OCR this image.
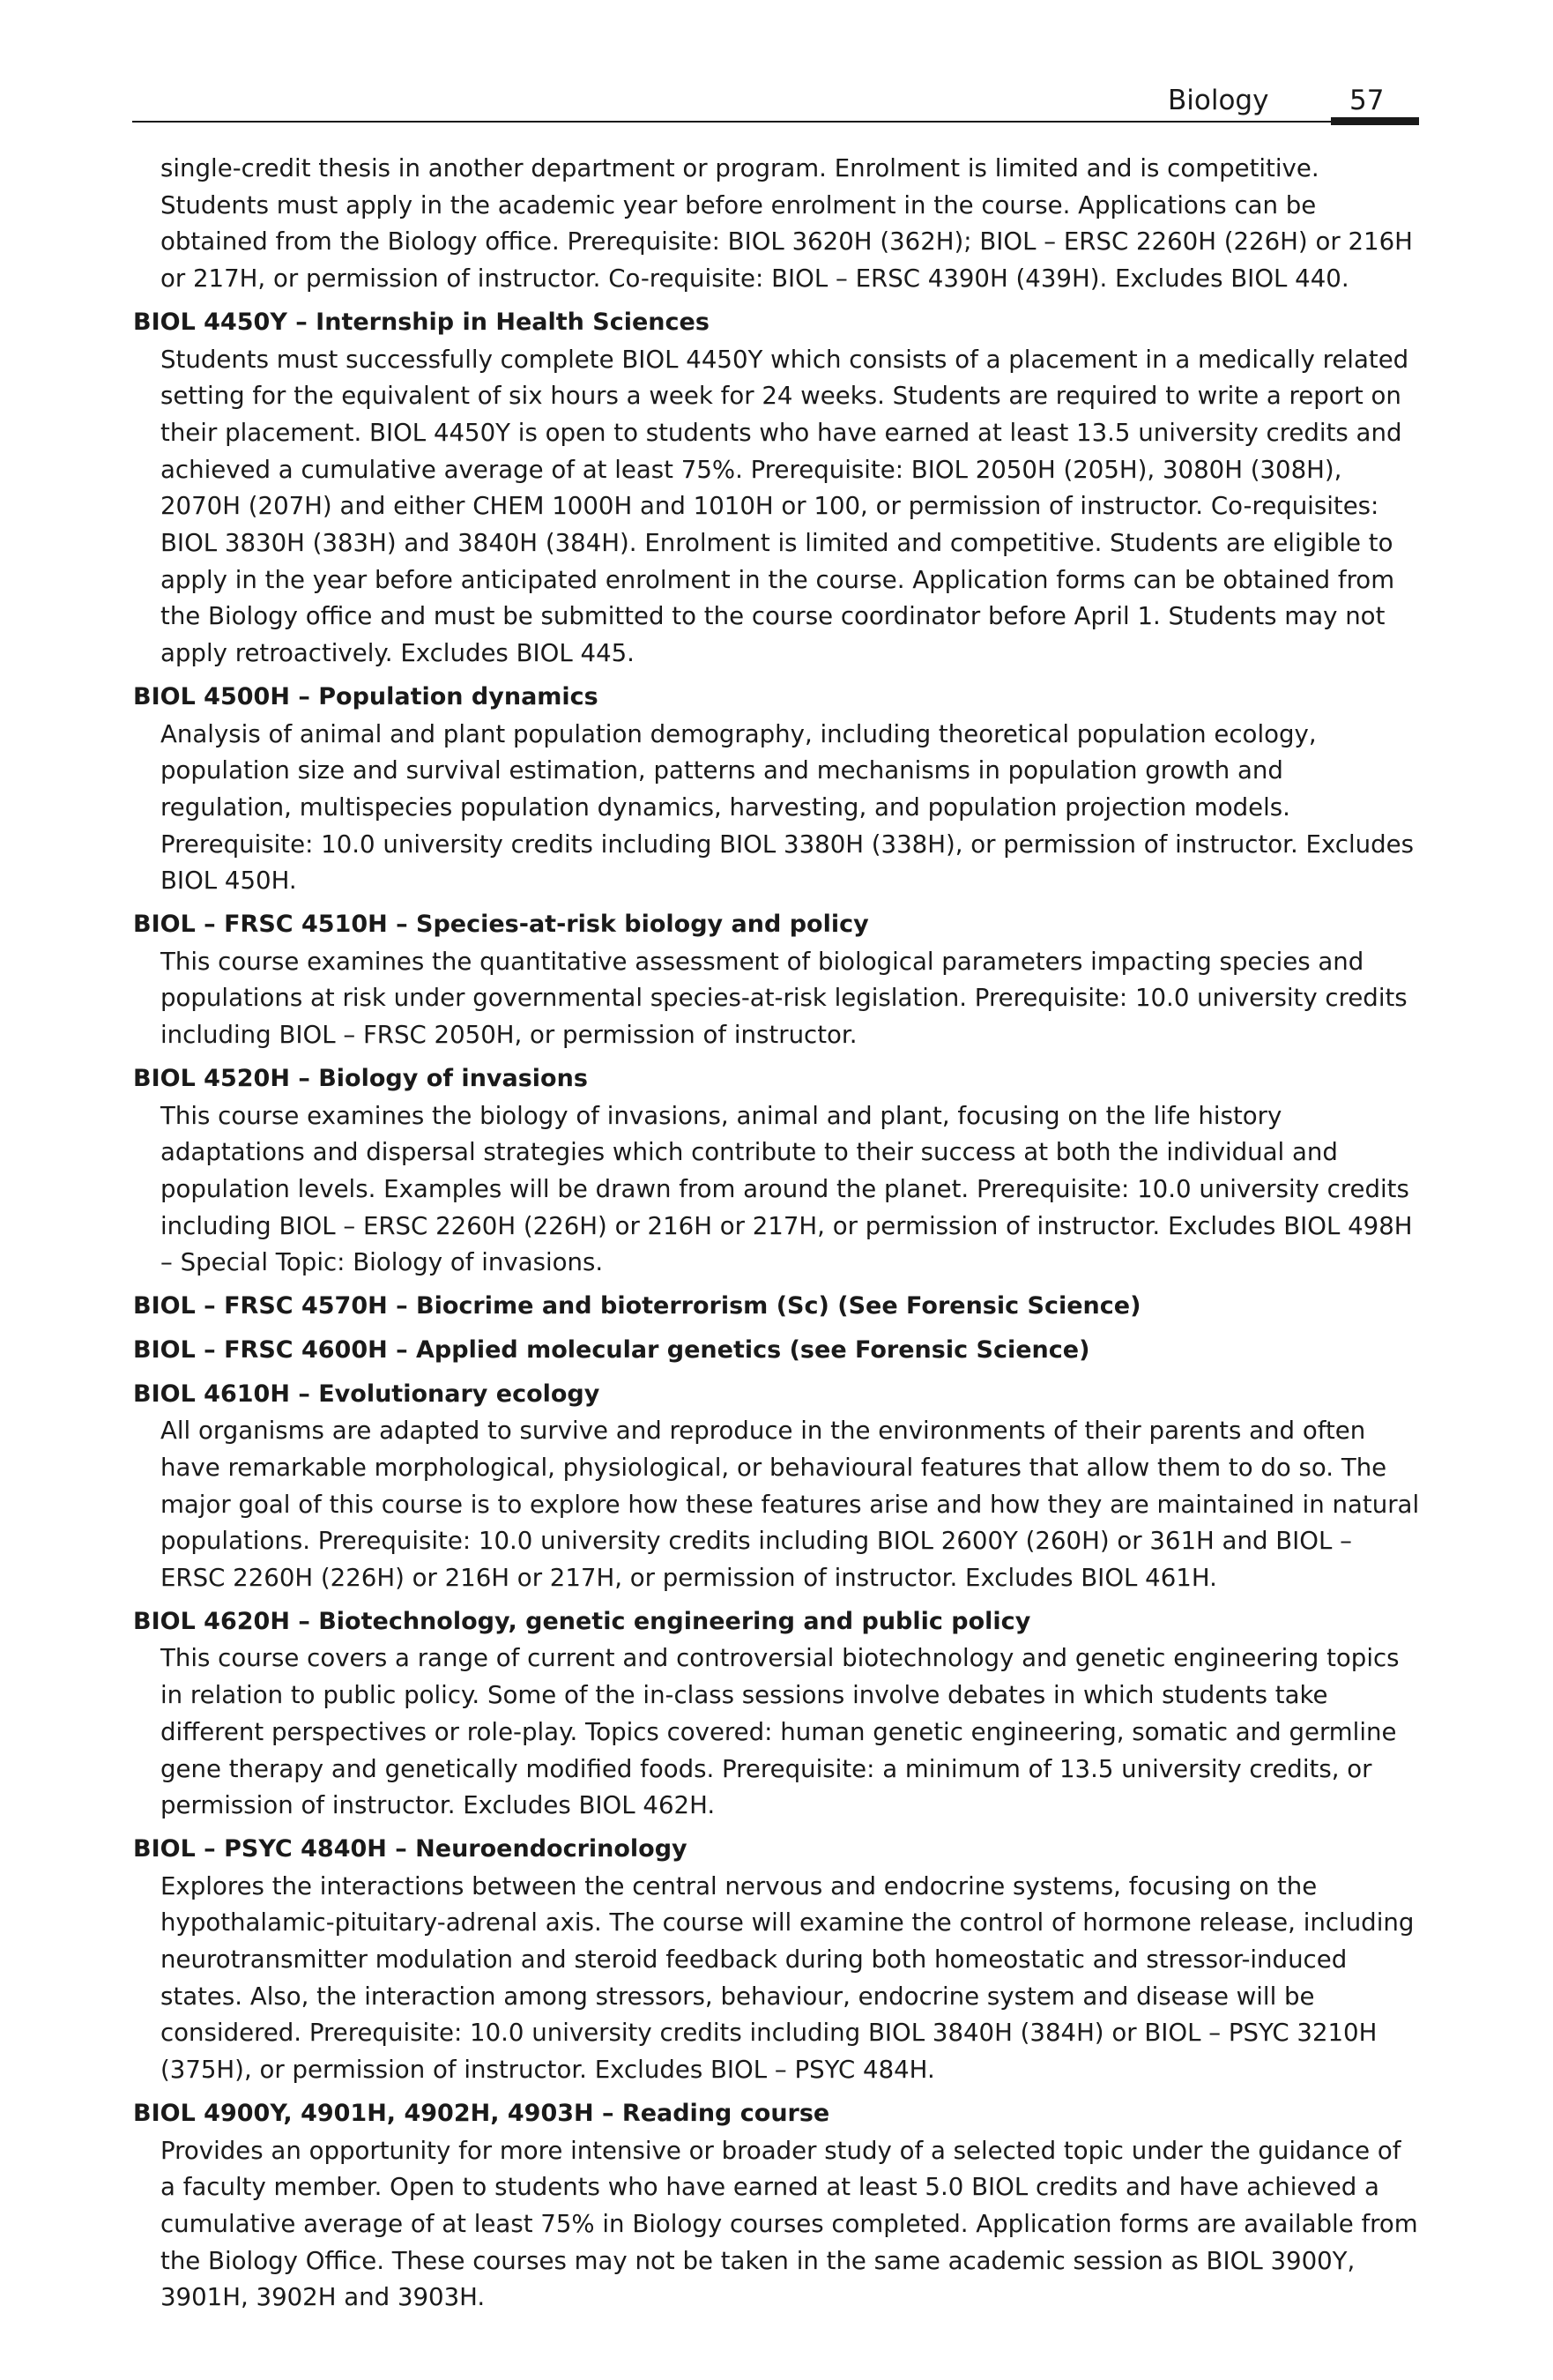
Biology	57

single-credit thesis in another department or program. Enrolment is limited and is competitive. Students must apply in the academic year before enrolment in the course. Applications can be obtained from the Biology office. Prerequisite: BIOL 3620H (362H); BIOL – ERSC 2260H (226H) or 216H or 217H, or permission of instructor. Co-requisite: BIOL – ERSC 4390H (439H). Excludes BIOL 440.

BIOL 4450Y – Internship in Health Sciences

Students must successfully complete BIOL 4450Y which consists of a placement in a medically related setting for the equivalent of six hours a week for 24 weeks. Students are required to write a report on their placement. BIOL 4450Y is open to students who have earned at least 13.5 university credits and achieved a cumulative average of at least 75%. Prerequisite: BIOL 2050H (205H), 3080H (308H), 2070H (207H) and either CHEM 1000H and 1010H or 100, or permission of instructor. Co-requisites: BIOL 3830H (383H) and 3840H (384H). Enrolment is limited and competitive. Students are eligible to apply in the year before anticipated enrolment in the course. Application forms can be obtained from the Biology office and must be submitted to the course coordinator before April 1. Students may not apply retroactively. Excludes BIOL 445.

BIOL 4500H – Population dynamics

Analysis of animal and plant population demography, including theoretical population ecology, population size and survival estimation, patterns and mechanisms in population growth and regulation, multispecies population dynamics, harvesting, and population projection models. Prerequisite: 10.0 university credits including BIOL 3380H (338H), or permission of instructor. Excludes BIOL 450H.

BIOL – FRSC 4510H – Species-at-risk biology and policy

This course examines the quantitative assessment of biological parameters impacting species and populations at risk under governmental species-at-risk legislation. Prerequisite: 10.0 university credits including BIOL – FRSC 2050H, or permission of instructor.

BIOL 4520H – Biology of invasions

This course examines the biology of invasions, animal and plant, focusing on the life history adaptations and dispersal strategies which contribute to their success at both the individual and population levels. Examples will be drawn from around the planet. Prerequisite: 10.0 university credits including BIOL – ERSC 2260H (226H) or 216H or 217H, or permission of instructor. Excludes BIOL 498H – Special Topic: Biology of invasions.

BIOL – FRSC 4570H – Biocrime and bioterrorism (Sc) (See Forensic Science)

BIOL – FRSC 4600H – Applied molecular genetics (see Forensic Science)

BIOL 4610H – Evolutionary ecology

All organisms are adapted to survive and reproduce in the environments of their parents and often have remarkable morphological, physiological, or behavioural features that allow them to do so. The major goal of this course is to explore how these features arise and how they are maintained in natural populations. Prerequisite: 10.0 university credits including BIOL 2600Y (260H) or 361H and BIOL – ERSC 2260H (226H) or 216H or 217H, or permission of instructor. Excludes BIOL 461H.

BIOL 4620H – Biotechnology, genetic engineering and public policy

This course covers a range of current and controversial biotechnology and genetic engineering topics in relation to public policy. Some of the in-class sessions involve debates in which students take different perspectives or role-play. Topics covered: human genetic engineering, somatic and germline gene therapy and genetically modified foods. Prerequisite: a minimum of 13.5 university credits, or permission of instructor. Excludes BIOL 462H.

BIOL – PSYC 4840H – Neuroendocrinology

Explores the interactions between the central nervous and endocrine systems, focusing on the hypothalamic-pituitary-adrenal axis. The course will examine the control of hormone release, including neurotransmitter modulation and steroid feedback during both homeostatic and stressor-induced states. Also, the interaction among stressors, behaviour, endocrine system and disease will be considered. Prerequisite: 10.0 university credits including BIOL 3840H (384H) or BIOL – PSYC 3210H (375H), or permission of instructor. Excludes BIOL – PSYC 484H.

BIOL 4900Y, 4901H, 4902H, 4903H – Reading course

Provides an opportunity for more intensive or broader study of a selected topic under the guidance of a faculty member. Open to students who have earned at least 5.0 BIOL credits and have achieved a cumulative average of at least 75% in Biology courses completed. Application forms are available from the Biology Office. These courses may not be taken in the same academic session as BIOL 3900Y, 3901H, 3902H and 3903H.
